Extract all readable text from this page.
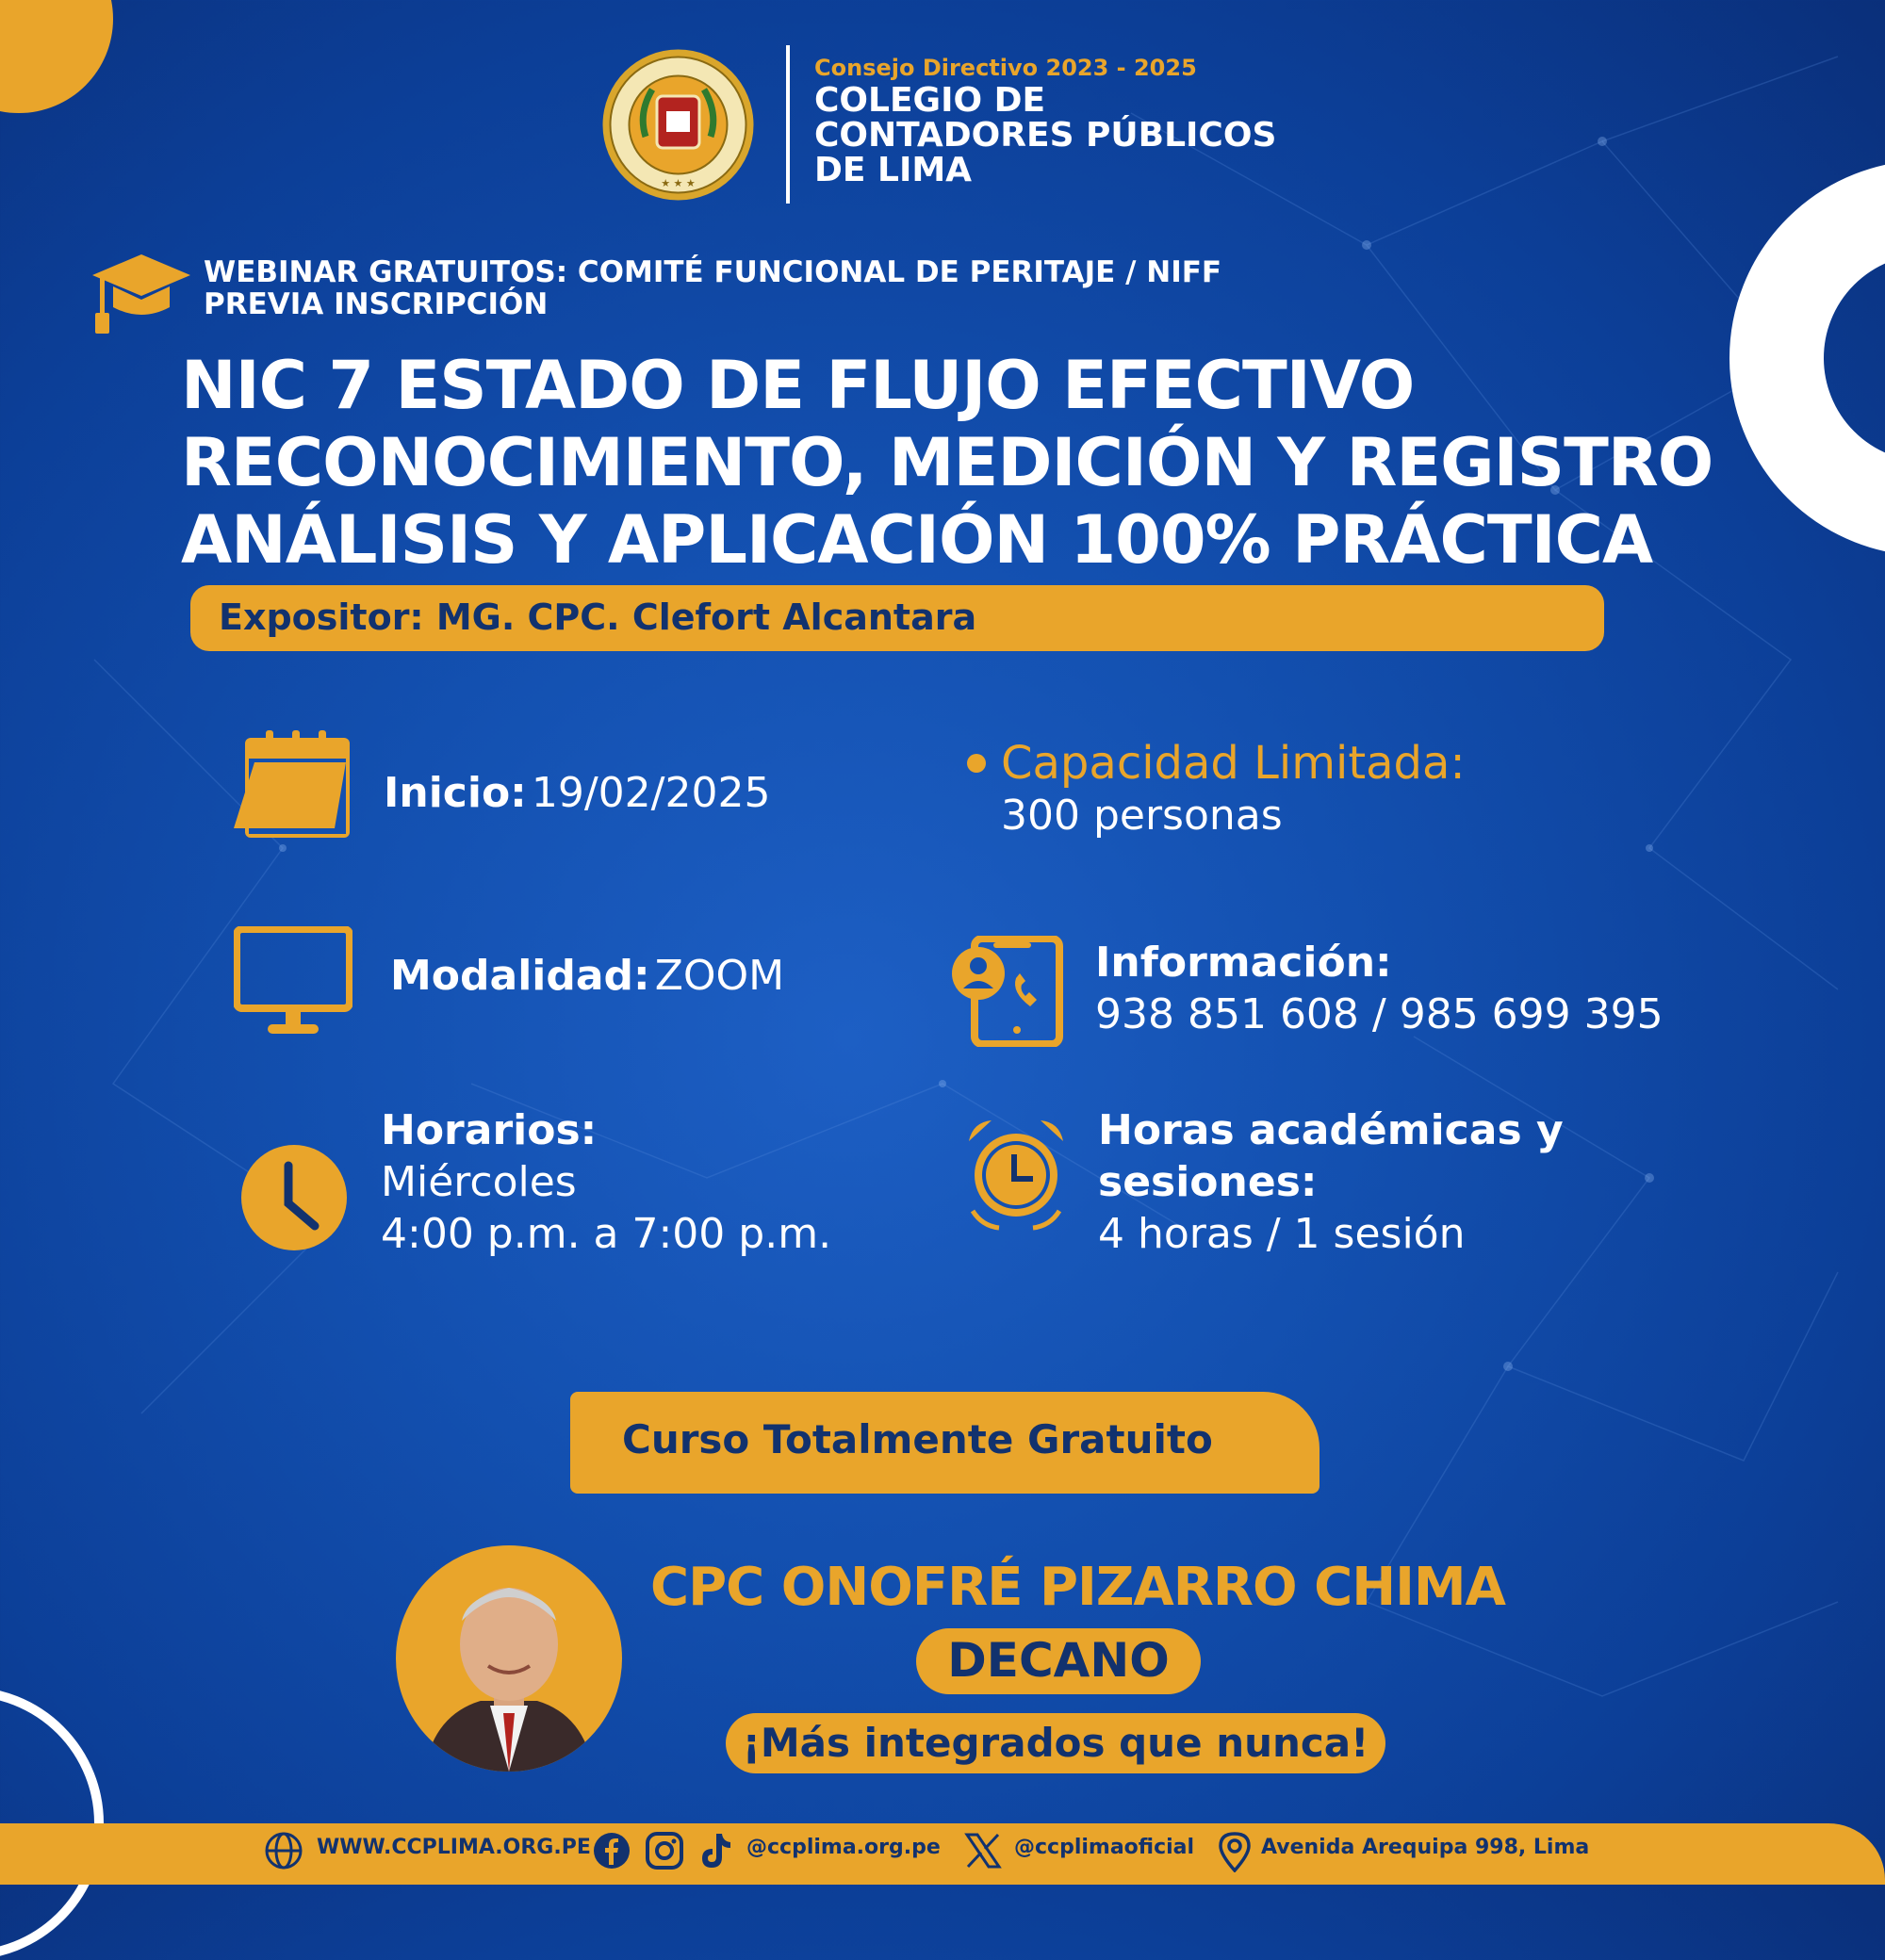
★ ★ ★
Consejo Directivo 2023 - 2025
COLEGIO DE
CONTADORES PÚBLICOS
DE LIMA
WEBINAR GRATUITOS: COMITÉ FUNCIONAL DE PERITAJE / NIFF
PREVIA INSCRIPCIÓN
NIC 7 ESTADO DE FLUJO EFECTIVO
RECONOCIMIENTO, MEDICIÓN Y REGISTRO
ANÁLISIS Y APLICACIÓN 100% PRÁCTICA
Expositor: MG. CPC. Clefort Alcantara
Inicio: 19/02/2025
Capacidad Limitada:
300 personas
Modalidad: ZOOM	Información:
938 851 608 / 985 699 395
Horarios:
Miércoles
4:00 p.m. a 7:00 p.m.
Horas académicas y
sesiones:
4 horas / 1 sesión
Curso Totalmente Gratuito
CPC ONOFRÉ PIZARRO CHIMA
DECANO
¡Más integrados que nunca!
WWW.CCPLIMA.ORG.PE	@ccplima.org.pe	@ccplimaoficial	Avenida Arequipa 998, Lima
